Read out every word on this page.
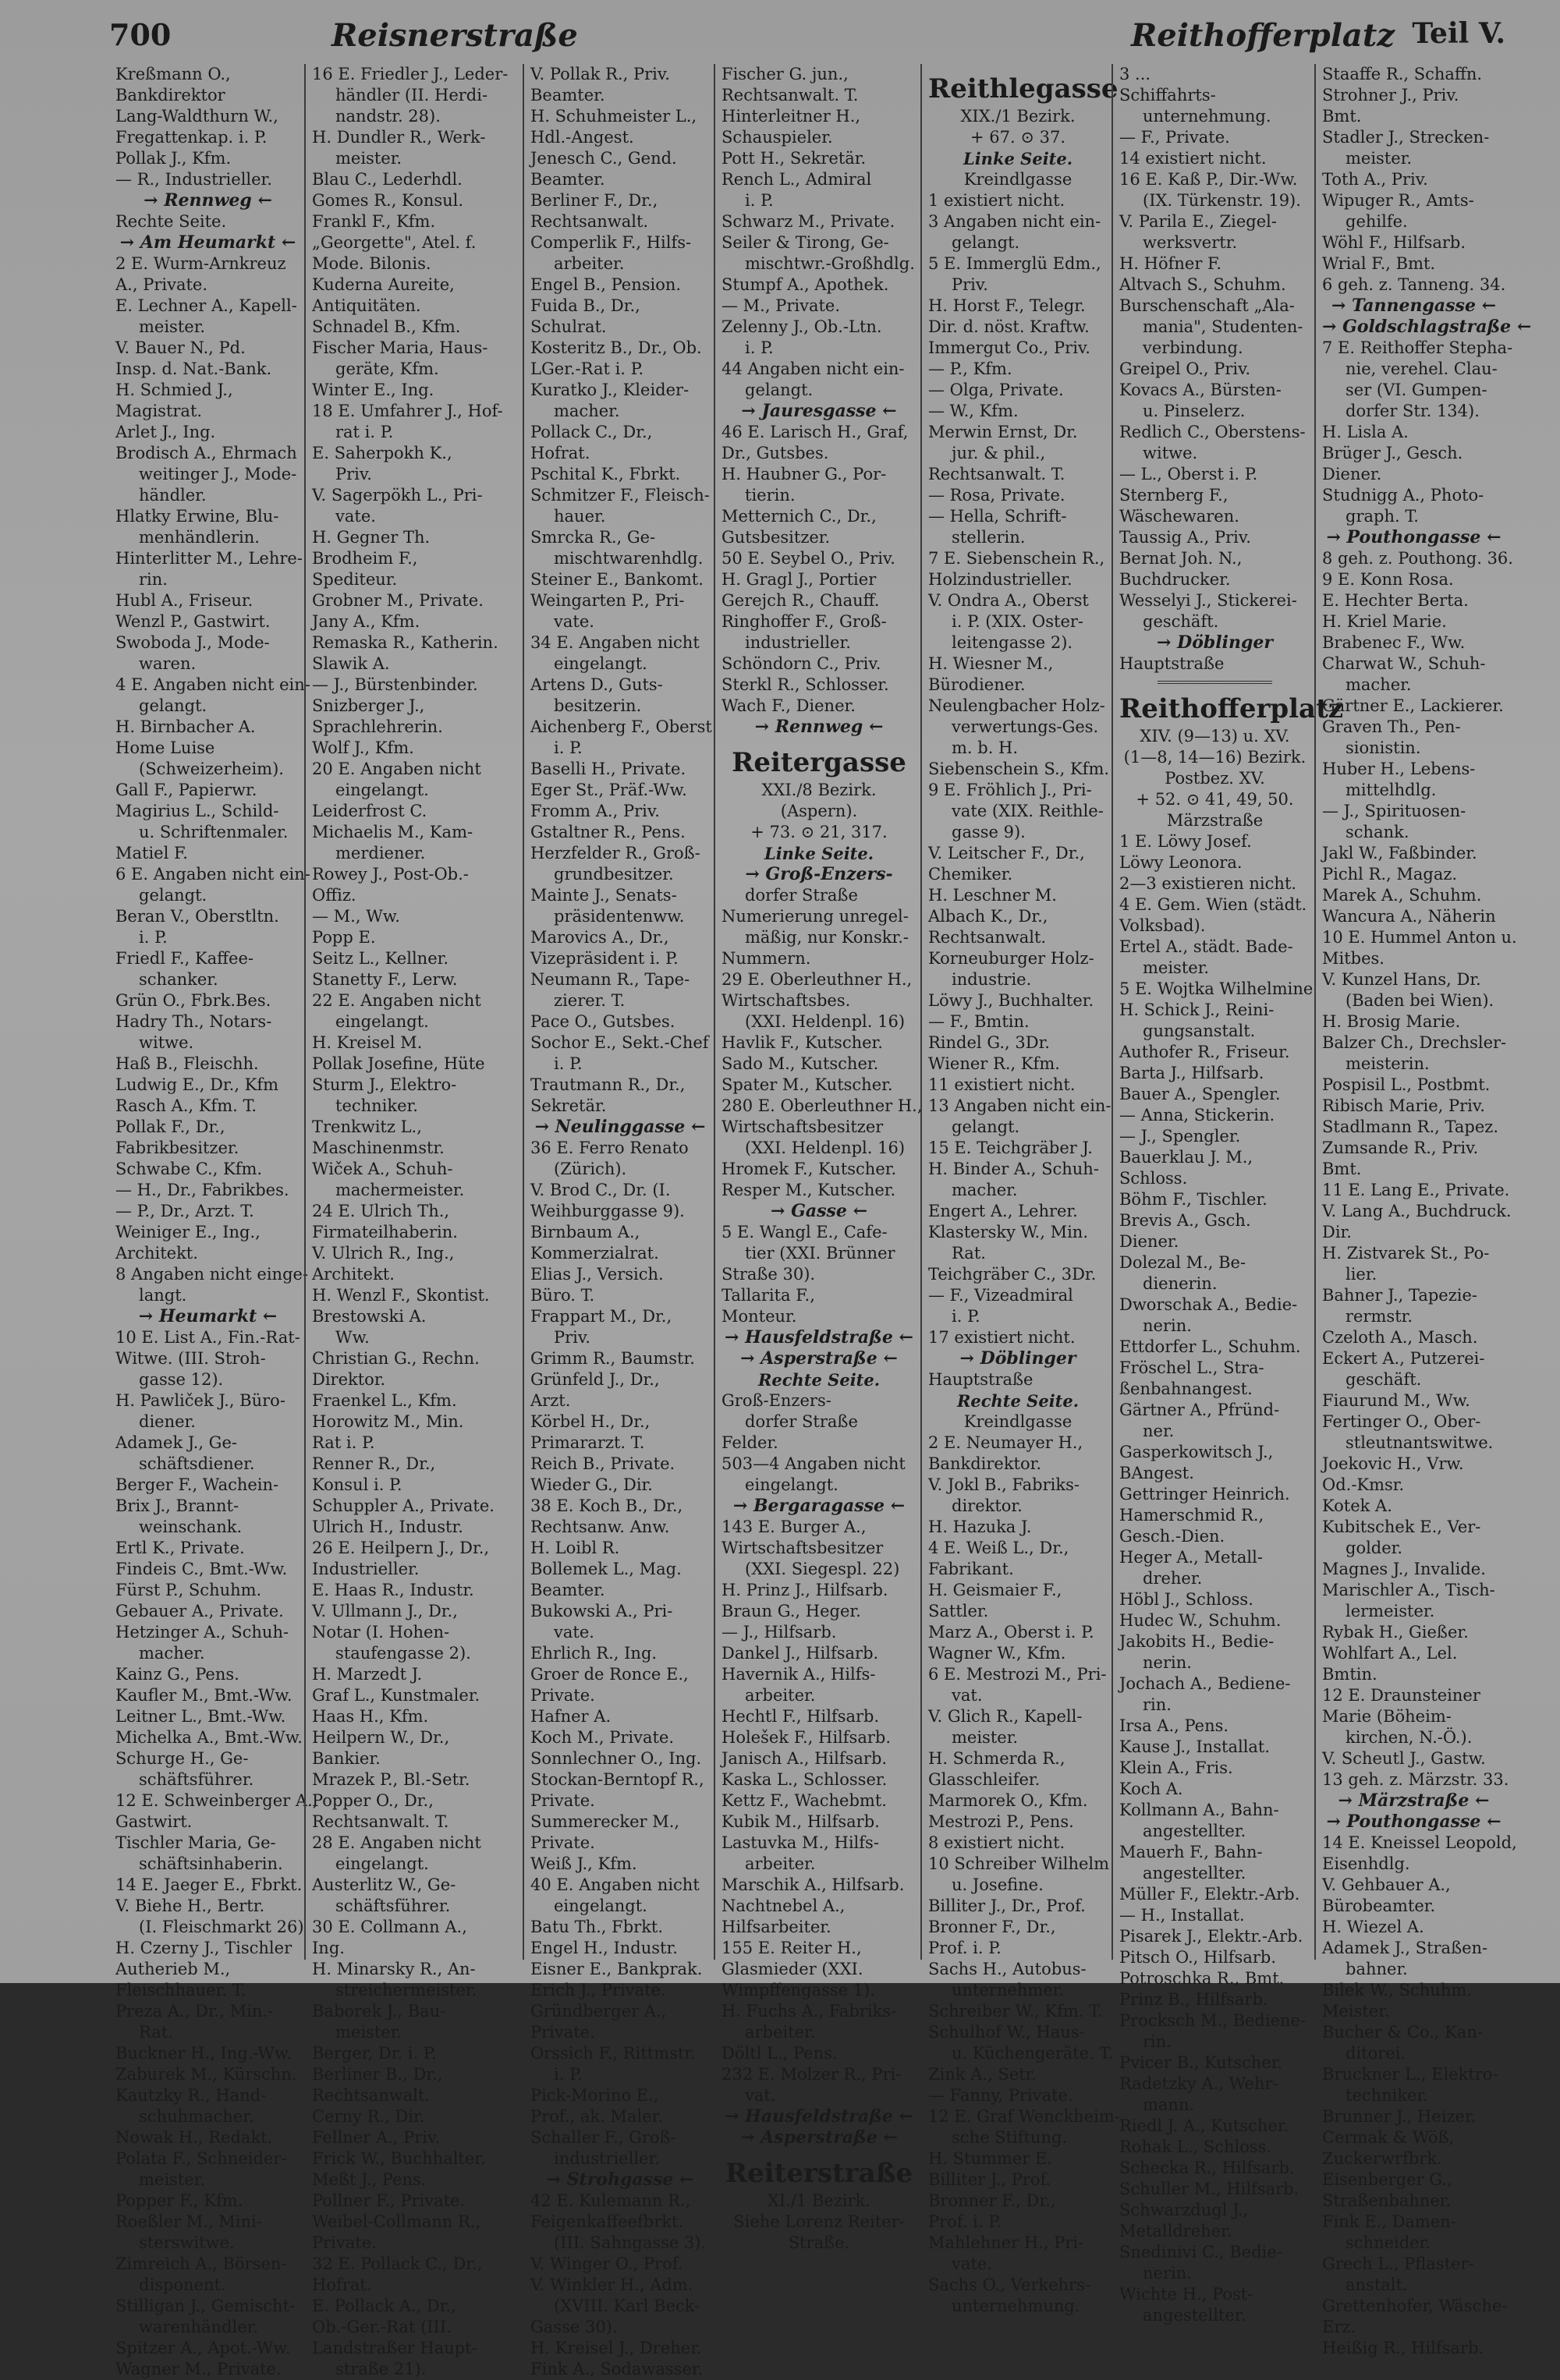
700	Reisnerstraße	Reithofferplatz Teil V.
Kreßmann O.,
Bankdirektor
Lang-Waldthurn W.,
Fregattenkap. i. P.
Pollak J., Kfm.
— R., Industrieller.
→ Rennweg ←
Rechte Seite.
→ Am Heumarkt ←
2 E. Wurm-Arnkreuz
A., Private.
E. Lechner A., Kapell-
meister.
V. Bauer N., Pd.
Insp. d. Nat.-Bank.
H. Schmied J.,
Magistrat.
Arlet J., Ing.
Brodisch A., Ehrmach
weitinger J., Mode-
händler.
Hlatky Erwine, Blu-
menhändlerin.
Hinterlitter M., Lehre-
rin.
Hubl A., Friseur.
Wenzl P., Gastwirt.
Swoboda J., Mode-
waren.
4 E. Angaben nicht ein-
gelangt.
H. Birnbacher A.
Home Luise
(Schweizerheim).
Gall F., Papierwr.
Magirius L., Schild-
u. Schriftenmaler.
Matiel F.
6 E. Angaben nicht ein-
gelangt.
Beran V., Oberstltn.
i. P.
Friedl F., Kaffee-
schanker.
Grün O., Fbrk.Bes.
Hadry Th., Notars-
witwe.
Haß B., Fleischh.
Ludwig E., Dr., Kfm
Rasch A., Kfm. T.
Pollak F., Dr.,
Fabrikbesitzer.
Schwabe C., Kfm.
— H., Dr., Fabrikbes.
— P., Dr., Arzt. T.
Weiniger E., Ing.,
Architekt.
8 Angaben nicht einge-
langt.
→ Heumarkt ←
10 E. List A., Fin.-Rat-
Witwe. (III. Stroh-
gasse 12).
H. Pawliček J., Büro-
diener.
Adamek J., Ge-
schäftsdiener.
Berger F., Wachein-
Brix J., Brannt-
weinschank.
Ertl K., Private.
Findeis C., Bmt.-Ww.
Fürst P., Schuhm.
Gebauer A., Private.
Hetzinger A., Schuh-
macher.
Kainz G., Pens.
Kaufler M., Bmt.-Ww.
Leitner L., Bmt.-Ww.
Michelka A., Bmt.-Ww.
Schurge H., Ge-
schäftsführer.
12 E. Schweinberger A.,
Gastwirt.
Tischler Maria, Ge-
schäftsinhaberin.
14 E. Jaeger E., Fbrkt.
V. Biehe H., Bertr.
(I. Fleischmarkt 26)
H. Czerny J., Tischler
Autherieb M.,
Fleischhauer. T.
Preza A., Dr., Min.-
Rat.
Buckner H., Ing.-Ww.
Zaburek M., Kürschn.
Kautzky R., Hand-
schuhmacher.
Nowak H., Redakt.
Polata F., Schneider-
meister.
Popper F., Kfm.
Roeßler M., Mini-
sterswitwe.
Zimreich A., Börsen-
disponent.
Stilligan J., Gemischt-
warenhändler.
Spitzer A., Apot.-Ww.
Wagner M., Private.
16 E. Friedler J., Leder-
händler (II. Herdi-
nandstr. 28).
H. Dundler R., Werk-
meister.
Blau C., Lederhdl.
Gomes R., Konsul.
Frankl F., Kfm.
„Georgette", Atel. f.
Mode. Bilonis.
Kuderna Aureite,
Antiquitäten.
Schnadel B., Kfm.
Fischer Maria, Haus-
geräte, Kfm.
Winter E., Ing.
18 E. Umfahrer J., Hof-
rat i. P.
E. Saherpokh K.,
Priv.
V. Sagerpökh L., Pri-
vate.
H. Gegner Th.
Brodheim F.,
Spediteur.
Grobner M., Private.
Jany A., Kfm.
Remaska R., Katherin.
Slawik A.
— J., Bürstenbinder.
Snizberger J.,
Sprachlehrerin.
Wolf J., Kfm.
20 E. Angaben nicht
eingelangt.
Leiderfrost C.
Michaelis M., Kam-
merdiener.
Rowey J., Post-Ob.-
Offiz.
— M., Ww.
Popp E.
Seitz L., Kellner.
Stanetty F., Lerw.
22 E. Angaben nicht
eingelangt.
H. Kreisel M.
Pollak Josefine, Hüte
Sturm J., Elektro-
techniker.
Trenkwitz L.,
Maschinenmstr.
Wiček A., Schuh-
machermeister.
24 E. Ulrich Th.,
Firmateilhaberin.
V. Ulrich R., Ing.,
Architekt.
H. Wenzl F., Skontist.
Brestowski A.
Ww.
Christian G., Rechn.
Direktor.
Fraenkel L., Kfm.
Horowitz M., Min.
Rat i. P.
Renner R., Dr.,
Konsul i. P.
Schuppler A., Private.
Ulrich H., Industr.
26 E. Heilpern J., Dr.,
Industrieller.
E. Haas R., Industr.
V. Ullmann J., Dr.,
Notar (I. Hohen-
staufengasse 2).
H. Marzedt J.
Graf L., Kunstmaler.
Haas H., Kfm.
Heilpern W., Dr.,
Bankier.
Mrazek P., Bl.-Setr.
Popper O., Dr.,
Rechtsanwalt. T.
28 E. Angaben nicht
eingelangt.
Austerlitz W., Ge-
schäftsführer.
30 E. Collmann A.,
Ing.
H. Minarsky R., An-
streichermeister.
Baborek J., Bau-
meister.
Berger, Dr. i. P.
Berliner B., Dr.,
Rechtsanwalt.
Cerny R., Dir.
Fellner A., Priv.
Frick W., Buchhalter.
Meßt J., Pens.
Pollner F., Private.
Weibel-Collmann R.,
Private.
32 E. Pollack C., Dr.,
Hofrat.
E. Pollack A., Dr.,
Ob.-Ger.-Rat (III.
Landstraßer Haupt-
straße 21).
V. Pollak R., Priv.
Beamter.
H. Schuhmeister L.,
Hdl.-Angest.
Jenesch C., Gend.
Beamter.
Berliner F., Dr.,
Rechtsanwalt.
Comperlik F., Hilfs-
arbeiter.
Engel B., Pension.
Fuida B., Dr.,
Schulrat.
Kosteritz B., Dr., Ob.
LGer.-Rat i. P.
Kuratko J., Kleider-
macher.
Pollack C., Dr.,
Hofrat.
Pschital K., Fbrkt.
Schmitzer F., Fleisch-
hauer.
Smrcka R., Ge-
mischtwarenhdlg.
Steiner E., Bankomt.
Weingarten P., Pri-
vate.
34 E. Angaben nicht
eingelangt.
Artens D., Guts-
besitzerin.
Aichenberg F., Oberst
i. P.
Baselli H., Private.
Eger St., Präf.-Ww.
Fromm A., Priv.
Gstaltner R., Pens.
Herzfelder R., Groß-
grundbesitzer.
Mainte J., Senats-
präsidentenww.
Marovics A., Dr.,
Vizepräsident i. P.
Neumann R., Tape-
zierer. T.
Pace O., Gutsbes.
Sochor E., Sekt.-Chef
i. P.
Trautmann R., Dr.,
Sekretär.
→ Neulinggasse ←
36 E. Ferro Renato
(Zürich).
V. Brod C., Dr. (I.
Weihburggasse 9).
Birnbaum A.,
Kommerzialrat.
Elias J., Versich.
Büro. T.
Frappart M., Dr.,
Priv.
Grimm R., Baumstr.
Grünfeld J., Dr.,
Arzt.
Körbel H., Dr.,
Primararzt. T.
Reich B., Private.
Wieder G., Dir.
38 E. Koch B., Dr.,
Rechtsanw. Anw.
H. Loibl R.
Bollemek L., Mag.
Beamter.
Bukowski A., Pri-
vate.
Ehrlich R., Ing.
Groer de Ronce E.,
Private.
Hafner A.
Koch M., Private.
Sonnlechner O., Ing.
Stockan-Berntopf R.,
Private.
Summerecker M.,
Private.
Weiß J., Kfm.
40 E. Angaben nicht
eingelangt.
Batu Th., Fbrkt.
Engel H., Industr.
Eisner E., Bankprak.
Erich J., Private.
Gründberger A.,
Private.
Orssich F., Rittmstr.
i. P.
Pick-Morino E.,
Prof., ak. Maler.
Schaller F., Groß-
industrieller.
→ Strohgasse ←
42 E. Kulemann R.,
Feigenkaffeefbrkt.
(III. Sahngasse 3).
V. Winger O., Prof.
V. Winkler H., Adm.
(XVIII. Karl Beck-
Gasse 30).
H. Kreisel J., Dreher.
Fink A., Sodawasser.
Fischer G. jun.,
Rechtsanwalt. T.
Hinterleitner H.,
Schauspieler.
Pott H., Sekretär.
Rench L., Admiral
i. P.
Schwarz M., Private.
Seiler & Tirong, Ge-
mischtwr.-Großhdlg.
Stumpf A., Apothek.
— M., Private.
Zelenny J., Ob.-Ltn.
i. P.
44 Angaben nicht ein-
gelangt.
→ Jauresgasse ←
46 E. Larisch H., Graf,
Dr., Gutsbes.
H. Haubner G., Por-
tierin.
Metternich C., Dr.,
Gutsbesitzer.
50 E. Seybel O., Priv.
H. Gragl J., Portier
Gerejch R., Chauff.
Ringhoffer F., Groß-
industrieller.
Schöndorn C., Priv.
Sterkl R., Schlosser.
Wach F., Diener.
→ Rennweg ←
Reitergasse
XXI./8 Bezirk.
(Aspern).
+ 73. ⊙ 21, 317.
Linke Seite.
→ Groß-Enzers-
dorfer Straße
Numerierung unregel-
mäßig, nur Konskr.-
Nummern.
29 E. Oberleuthner H.,
Wirtschaftsbes.
(XXI. Heldenpl. 16)
Havlik F., Kutscher.
Sado M., Kutscher.
Spater M., Kutscher.
280 E. Oberleuthner H.,
Wirtschaftsbesitzer
(XXI. Heldenpl. 16)
Hromek F., Kutscher.
Resper M., Kutscher.
→ Gasse ←
5 E. Wangl E., Cafe-
tier (XXI. Brünner
Straße 30).
Tallarita F.,
Monteur.
→ Hausfeldstraße ←
→ Asperstraße ←
Rechte Seite.
Groß-Enzers-
dorfer Straße
Felder.
503—4 Angaben nicht
eingelangt.
→ Bergaragasse ←
143 E. Burger A.,
Wirtschaftsbesitzer
(XXI. Siegespl. 22)
H. Prinz J., Hilfsarb.
Braun G., Heger.
— J., Hilfsarb.
Dankel J., Hilfsarb.
Havernik A., Hilfs-
arbeiter.
Hechtl F., Hilfsarb.
Holešek F., Hilfsarb.
Janisch A., Hilfsarb.
Kaska L., Schlosser.
Kettz F., Wachebmt.
Kubik M., Hilfsarb.
Lastuvka M., Hilfs-
arbeiter.
Marschik A., Hilfsarb.
Nachtnebel A.,
Hilfsarbeiter.
155 E. Reiter H.,
Glasmieder (XXI.
Wimpffengasse 1).
H. Fuchs A., Fabriks-
arbeiter.
Döltl L., Pens.
232 E. Molzer R., Pri-
vat.
→ Hausfeldstraße ←
→ Asperstraße ←
Reiterstraße
XI./1 Bezirk.
Siehe Lorenz Reiter-
Straße.
Reithlegasse
XIX./1 Bezirk.
+ 67. ⊙ 37.
Linke Seite.
Kreindlgasse
1 existiert nicht.
3 Angaben nicht ein-
gelangt.
5 E. Immerglü Edm.,
Priv.
H. Horst F., Telegr.
Dir. d. nöst. Kraftw.
Immergut Co., Priv.
— P., Kfm.
— Olga, Private.
— W., Kfm.
Merwin Ernst, Dr.
jur. & phil.,
Rechtsanwalt. T.
— Rosa, Private.
— Hella, Schrift-
stellerin.
7 E. Siebenschein R.,
Holzindustrieller.
V. Ondra A., Oberst
i. P. (XIX. Oster-
leitengasse 2).
H. Wiesner M.,
Bürodiener.
Neulengbacher Holz-
verwertungs-Ges.
m. b. H.
Siebenschein S., Kfm.
9 E. Fröhlich J., Pri-
vate (XIX. Reithle-
gasse 9).
V. Leitscher F., Dr.,
Chemiker.
H. Leschner M.
Albach K., Dr.,
Rechtsanwalt.
Korneuburger Holz-
industrie.
Löwy J., Buchhalter.
— F., Bmtin.
Rindel G., 3Dr.
Wiener R., Kfm.
11 existiert nicht.
13 Angaben nicht ein-
gelangt.
15 E. Teichgräber J.
H. Binder A., Schuh-
macher.
Engert A., Lehrer.
Klastersky W., Min.
Rat.
Teichgräber C., 3Dr.
— F., Vizeadmiral
i. P.
17 existiert nicht.
→ Döblinger
Hauptstraße
Rechte Seite.
Kreindlgasse
2 E. Neumayer H.,
Bankdirektor.
V. Jokl B., Fabriks-
direktor.
H. Hazuka J.
4 E. Weiß L., Dr.,
Fabrikant.
H. Geismaier F.,
Sattler.
Marz A., Oberst i. P.
Wagner W., Kfm.
6 E. Mestrozi M., Pri-
vat.
V. Glich R., Kapell-
meister.
H. Schmerda R.,
Glasschleifer.
Marmorek O., Kfm.
Mestrozi P., Pens.
8 existiert nicht.
10 Schreiber Wilhelm
u. Josefine.
Billiter J., Dr., Prof.
Bronner F., Dr.,
Prof. i. P.
Sachs H., Autobus-
unternehmer.
Schreiber W., Kfm. T.
Schulhof W., Haus-
u. Küchengeräte. T.
Zink A., Setr.
— Fanny, Private.
12 E. Graf Wenckheim-
sche Stiftung.
H. Stummer E.
Billiter J., Prof.
Bronner F., Dr.,
Prof. i. P.
Mahlehner H., Pri-
vate.
Sachs O., Verkehrs-
unternehmung.
3 ...
Schiffahrts-
unternehmung.
— F., Private.
14 existiert nicht.
16 E. Kaß P., Dir.-Ww.
(IX. Türkenstr. 19).
V. Parila E., Ziegel-
werksvertr.
H. Höfner F.
Altvach S., Schuhm.
Burschenschaft „Ala-
mania", Studenten-
verbindung.
Greipel O., Priv.
Kovacs A., Bürsten-
u. Pinselerz.
Redlich C., Oberstens-
witwe.
— L., Oberst i. P.
Sternberg F.,
Wäschewaren.
Taussig A., Priv.
Bernat Joh. N.,
Buchdrucker.
Wesselyi J., Stickerei-
geschäft.
→ Döblinger
Hauptstraße
Reithofferplatz
XIV. (9—13) u. XV.
(1—8, 14—16) Bezirk.
Postbez. XV.
+ 52. ⊙ 41, 49, 50.
Märzstraße
1 E. Löwy Josef.
Löwy Leonora.
2—3 existieren nicht.
4 E. Gem. Wien (städt.
Volksbad).
Ertel A., städt. Bade-
meister.
5 E. Wojtka Wilhelmine
H. Schick J., Reini-
gungsanstalt.
Authofer R., Friseur.
Barta J., Hilfsarb.
Bauer A., Spengler.
— Anna, Stickerin.
— J., Spengler.
Bauerklau J. M.,
Schloss.
Böhm F., Tischler.
Brevis A., Gsch.
Diener.
Dolezal M., Be-
dienerin.
Dworschak A., Bedie-
nerin.
Ettdorfer L., Schuhm.
Fröschel L., Stra-
ßenbahnangest.
Gärtner A., Pfründ-
ner.
Gasperkowitsch J.,
BAngest.
Gettringer Heinrich.
Hamerschmid R.,
Gesch.-Dien.
Heger A., Metall-
dreher.
Höbl J., Schloss.
Hudec W., Schuhm.
Jakobits H., Bedie-
nerin.
Jochach A., Bediene-
rin.
Irsa A., Pens.
Kause J., Installat.
Klein A., Fris.
Koch A.
Kollmann A., Bahn-
angestellter.
Mauerh F., Bahn-
angestellter.
Müller F., Elektr.-Arb.
— H., Installat.
Pisarek J., Elektr.-Arb.
Pitsch O., Hilfsarb.
Potroschka R., Bmt.
Prinz B., Hilfsarb.
Procksch M., Bediene-
rin.
Pvicer B., Kutscher.
Radetzky A., Wehr-
mann.
Riedl J. A., Kutscher.
Rohak L., Schloss.
Schecka R., Hilfsarb.
Schuller M., Hilfsarb.
Schwarzdugl J.,
Metalldreher.
Snedinivi C., Bedie-
nerin.
Wichte H., Post-
angestellter.
Staaffe R., Schaffn.
Strohner J., Priv.
Bmt.
Stadler J., Strecken-
meister.
Toth A., Priv.
Wipuger R., Amts-
gehilfe.
Wöhl F., Hilfsarb.
Wrial F., Bmt.
6 geh. z. Tanneng. 34.
→ Tannengasse ←
→ Goldschlagstraße ←
7 E. Reithoffer Stepha-
nie, verehel. Clau-
ser (VI. Gumpen-
dorfer Str. 134).
H. Lisla A.
Brüger J., Gesch.
Diener.
Studnigg A., Photo-
graph. T.
→ Pouthongasse ←
8 geh. z. Pouthong. 36.
9 E. Konn Rosa.
E. Hechter Berta.
H. Kriel Marie.
Brabenec F., Ww.
Charwat W., Schuh-
macher.
Gärtner E., Lackierer.
Graven Th., Pen-
sionistin.
Huber H., Lebens-
mittelhdlg.
— J., Spirituosen-
schank.
Jakl W., Faßbinder.
Pichl R., Magaz.
Marek A., Schuhm.
Wancura A., Näherin
10 E. Hummel Anton u.
Mitbes.
V. Kunzel Hans, Dr.
(Baden bei Wien).
H. Brosig Marie.
Balzer Ch., Drechsler-
meisterin.
Pospisil L., Postbmt.
Ribisch Marie, Priv.
Stadlmann R., Tapez.
Zumsande R., Priv.
Bmt.
11 E. Lang E., Private.
V. Lang A., Buchdruck.
Dir.
H. Zistvarek St., Po-
lier.
Bahner J., Tapezie-
rermstr.
Czeloth A., Masch.
Eckert A., Putzerei-
geschäft.
Fiaurund M., Ww.
Fertinger O., Ober-
stleutnantswitwe.
Joekovic H., Vrw.
Od.-Kmsr.
Kotek A.
Kubitschek E., Ver-
golder.
Magnes J., Invalide.
Marischler A., Tisch-
lermeister.
Rybak H., Gießer.
Wohlfart A., Lel.
Bmtin.
12 E. Draunsteiner
Marie (Böheim-
kirchen, N.-Ö.).
V. Scheutl J., Gastw.
13 geh. z. Märzstr. 33.
→ Märzstraße ←
→ Pouthongasse ←
14 E. Kneissel Leopold,
Eisenhdlg.
V. Gehbauer A.,
Bürobeamter.
H. Wiezel A.
Adamek J., Straßen-
bahner.
Bilek W., Schuhm.
Meister.
Bucher & Co., Kan-
ditorei.
Bruckner L., Elektro-
techniker.
Brunner J., Heizer.
Cermak & Wöß,
Zuckerwrfbrk.
Eisenberger G.,
Straßenbahner.
Fink E., Damen-
schneider.
Grech L., Pflaster-
anstalt.
Grettenhofer, Wäsche-
Erz.
Heißig R., Hilfsarb.
